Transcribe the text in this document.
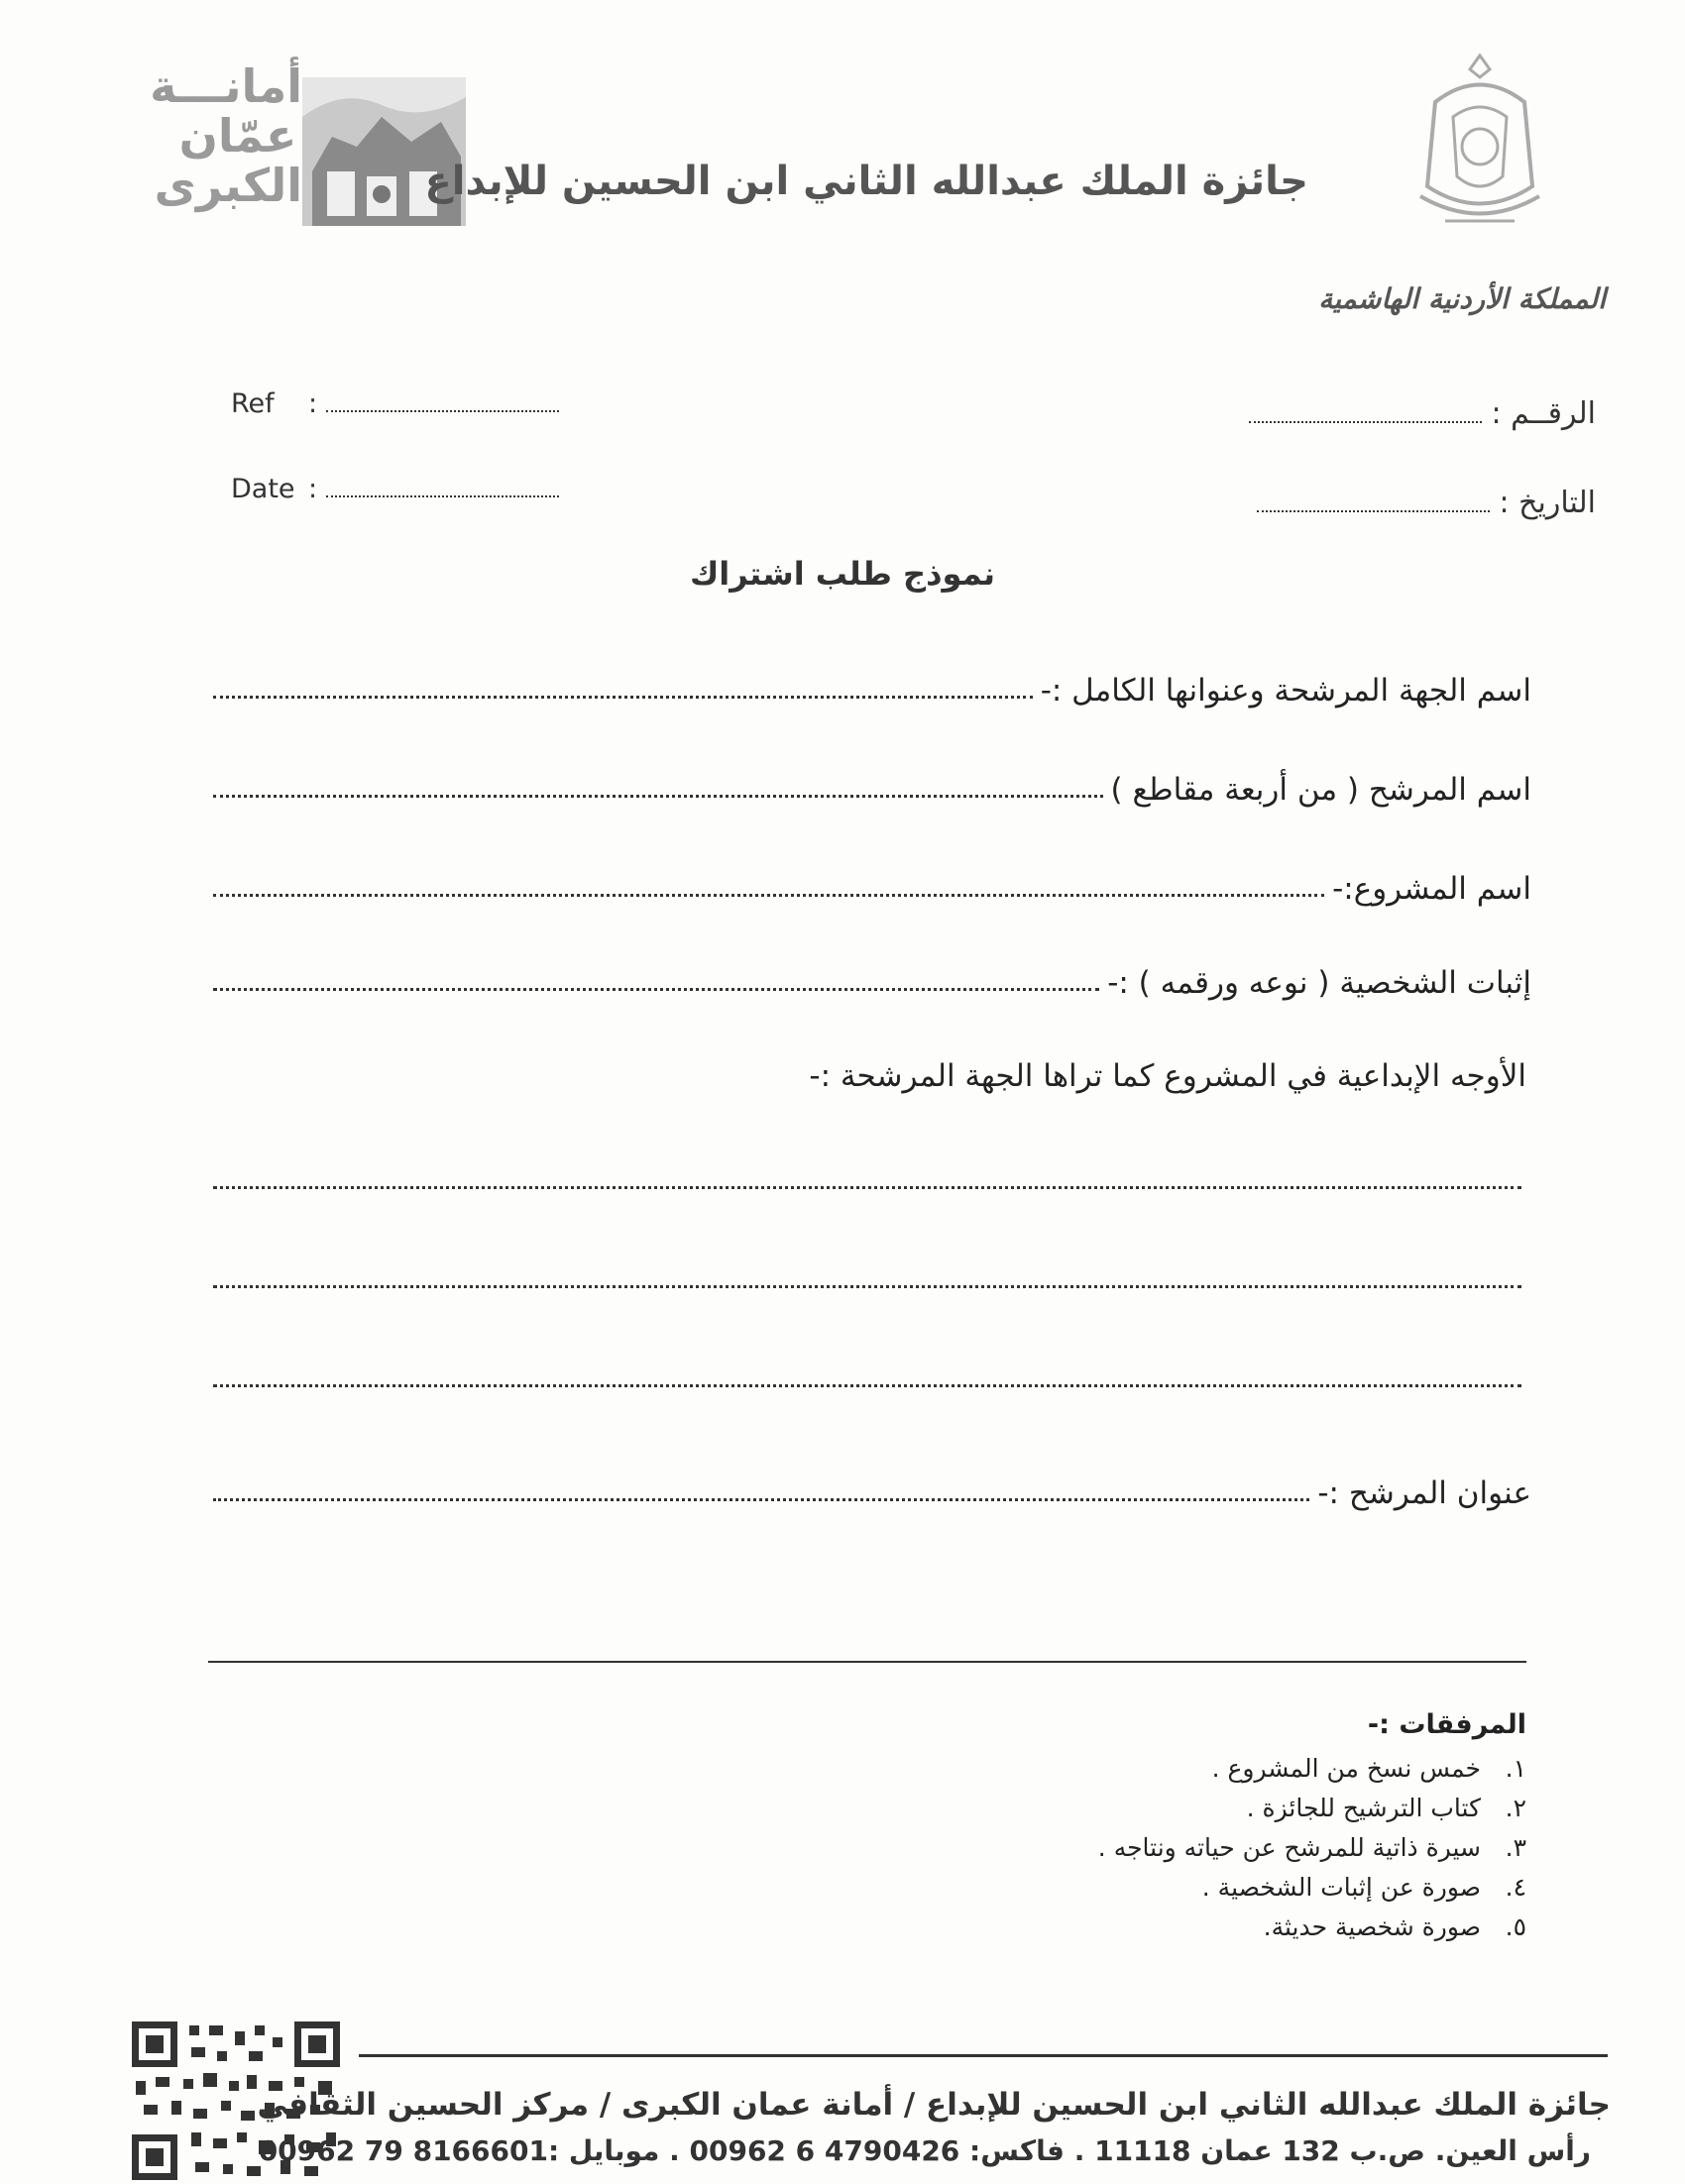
أمانـــة
عمّان
الكبرى	جائزة الملك عبدالله الثاني ابن الحسين للإبداع
المملكة الأردنية الهاشمية
Ref :
Date :
الرقــم :
التاريخ :
نموذج طلب اشتراك
اسم الجهة المرشحة وعنوانها الكامل :-
اسم المرشح ( من أربعة مقاطع )
اسم المشروع:-
إثبات الشخصية ( نوعه ورقمه ) :-
الأوجه الإبداعية في المشروع كما تراها الجهة المرشحة :-
عنوان المرشح :-
المرفقات :-
١.خمس نسخ من المشروع .
٢.كتاب الترشيح للجائزة .
٣.سيرة ذاتية للمرشح عن حياته ونتاجه .
٤.صورة عن إثبات الشخصية .
٥.صورة شخصية حديثة.
جائزة الملك عبدالله الثاني ابن الحسين للإبداع / أمانة عمان الكبرى / مركز الحسين الثقافي
رأس العين. ص.ب 132 عمان 11118 . فاكس: 4790426 6 00962 . موبايل :8166601 79 00962
